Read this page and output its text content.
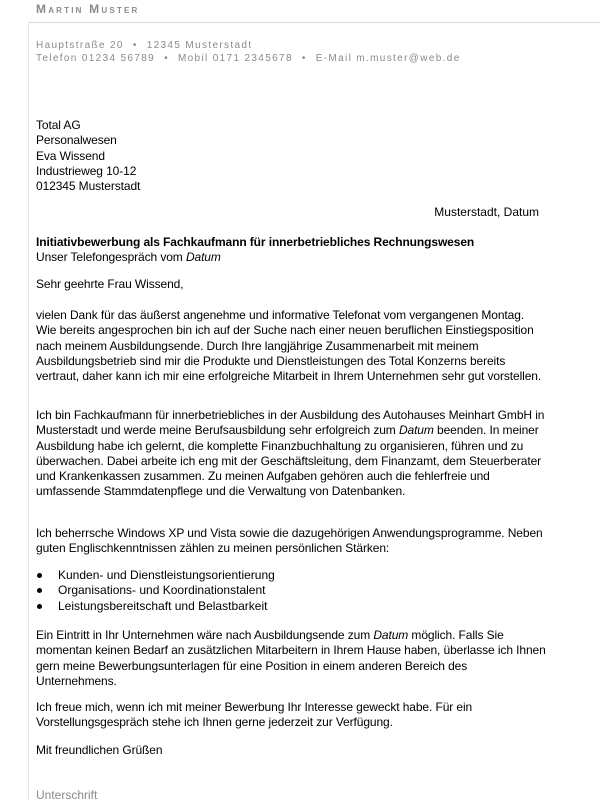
Martin Muster
Hauptstraße 20 • 12345 Musterstadt
Telefon 01234 56789 • Mobil 0171 2345678 • E-Mail m.muster@web.de
Total AG
Personalwesen
Eva Wissend
Industrieweg 10-12
012345 Musterstadt
Musterstadt, Datum
Initiativbewerbung als Fachkaufmann für innerbetriebliches Rechnungswesen
Unser Telefongespräch vom Datum
Sehr geehrte Frau Wissend,

vielen Dank für das äußerst angenehme und informative Telefonat vom vergangenen Montag. Wie bereits angesprochen bin ich auf der Suche nach einer neuen beruflichen Einstiegsposition nach meinem Ausbildungsende. Durch Ihre langjährige Zusammenarbeit mit meinem Ausbildungsbetrieb sind mir die Produkte und Dienstleistungen des Total Konzerns bereits vertraut, daher kann ich mir eine erfolgreiche Mitarbeit in Ihrem Unternehmen sehr gut vorstellen.

Ich bin Fachkaufmann für innerbetriebliches in der Ausbildung des Autohauses Meinhart GmbH in Musterstadt und werde meine Berufsausbildung sehr erfolgreich zum Datum beenden. In meiner Ausbildung habe ich gelernt, die komplette Finanzbuchhaltung zu organisieren, führen und zu überwachen. Dabei arbeite ich eng mit der Geschäftsleitung, dem Finanzamt, dem Steuerberater und Krankenkassen zusammen. Zu meinen Aufgaben gehören auch die fehlerfreie und umfassende Stammdatenpflege und die Verwaltung von Datenbanken.

Ich beherrsche Windows XP und Vista sowie die dazugehörigen Anwendungsprogramme. Neben guten Englischkenntnissen zählen zu meinen persönlichen Stärken:

Kunden- und Dienstleistungsorientierung
Organisations- und Koordinationstalent
Leistungsbereitschaft und Belastbarkeit

Ein Eintritt in Ihr Unternehmen wäre nach Ausbildungsende zum Datum möglich. Falls Sie momentan keinen Bedarf an zusätzlichen Mitarbeitern in Ihrem Hause haben, überlasse ich Ihnen gern meine Bewerbungsunterlagen für eine Position in einem anderen Bereich des Unternehmens.

Ich freue mich, wenn ich mit meiner Bewerbung Ihr Interesse geweckt habe. Für ein Vorstellungsgespräch stehe ich Ihnen gerne jederzeit zur Verfügung.

Mit freundlichen Grüßen
Unterschrift
